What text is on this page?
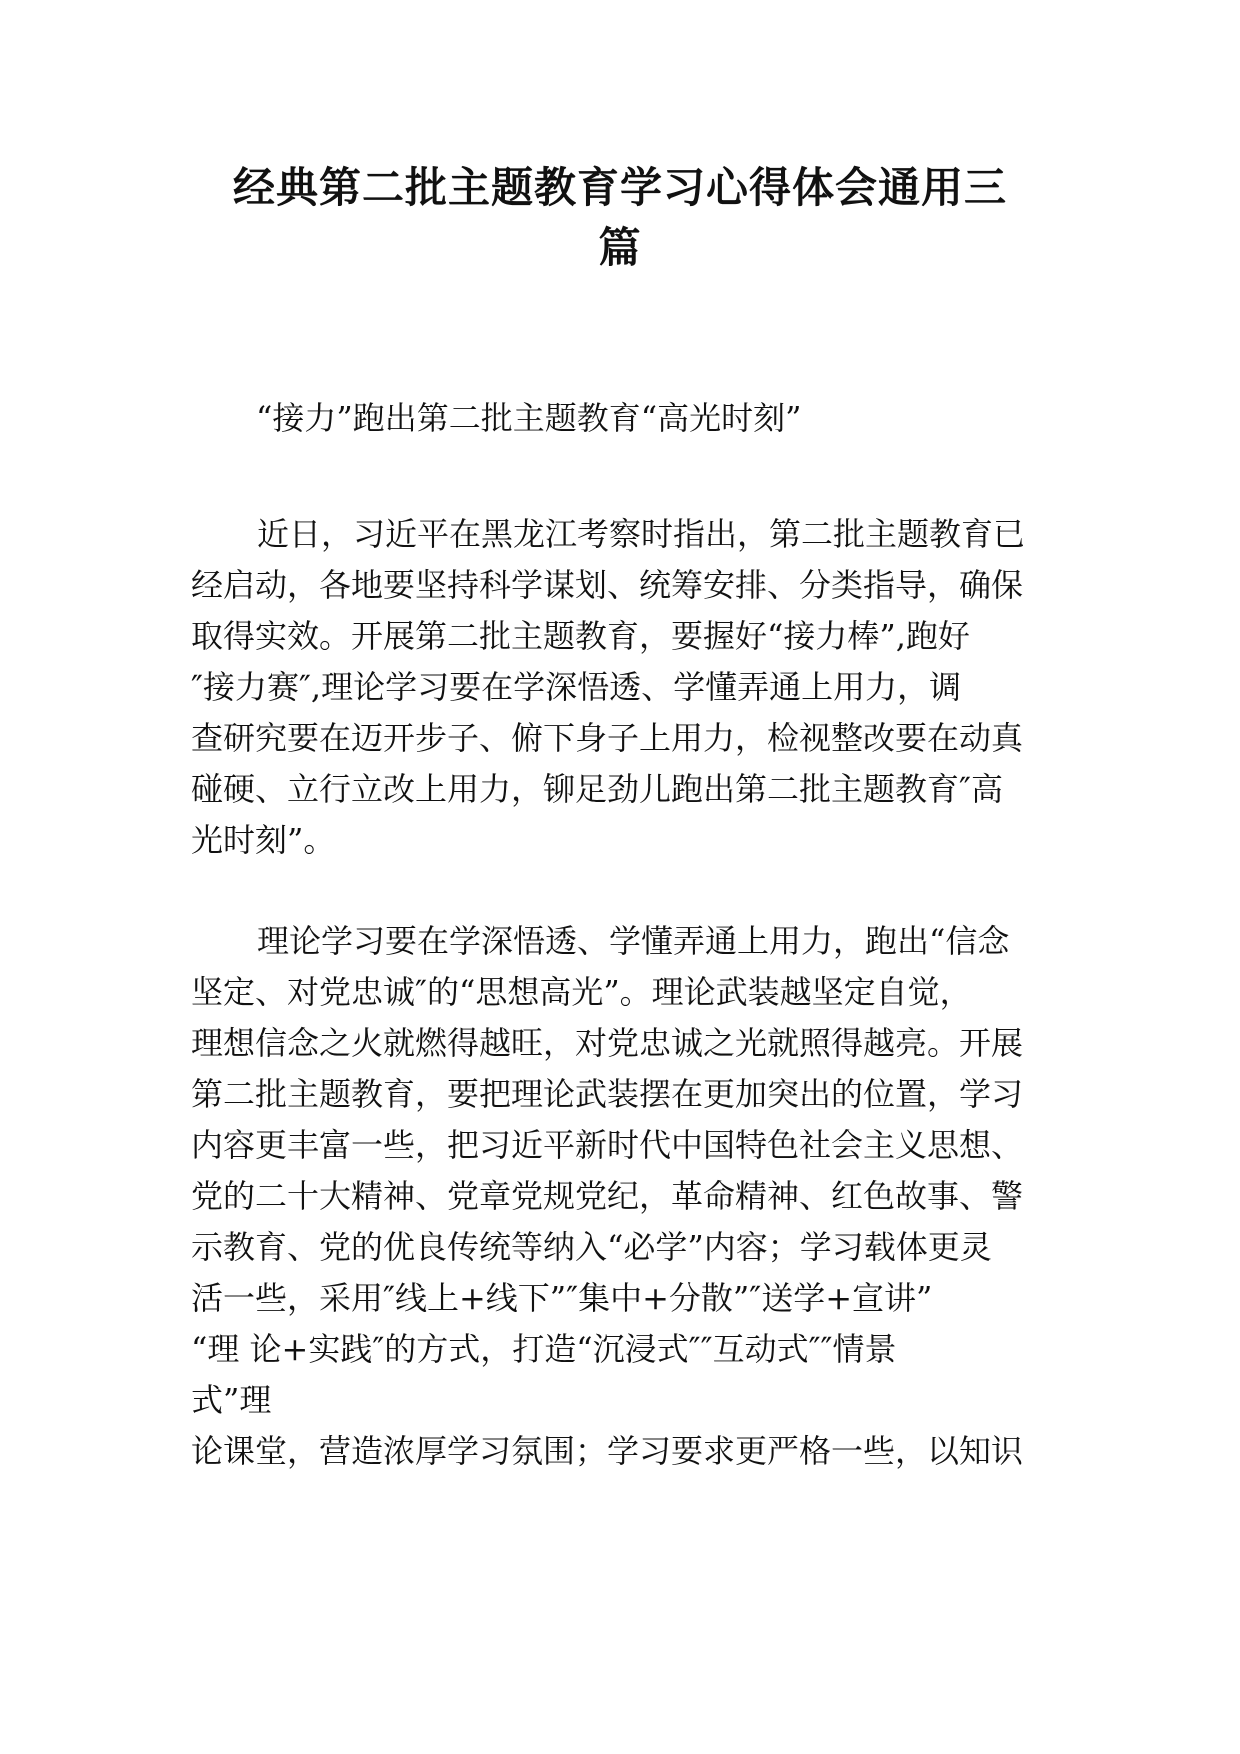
经典第二批主题教育学习心得体会通用三
篇

“接力”跑出第二批主题教育“高光时刻”

近日，习近平在黑龙江考察时指出，第二批主题教育已
经启动，各地要坚持科学谋划、统筹安排、分类指导，确保
取得实效。开展第二批主题教育，要握好“接力棒”,跑好
″接力赛″,理论学习要在学深悟透、学懂弄通上用力，调
查研究要在迈开步子、俯下身子上用力，检视整改要在动真
碰硬、立行立改上用力，铆足劲儿跑出第二批主题教育″高
光时刻”。

理论学习要在学深悟透、学懂弄通上用力，跑出“信念
坚定、对党忠诚″的“思想高光”。理论武装越坚定自觉，
理想信念之火就燃得越旺，对党忠诚之光就照得越亮。开展
第二批主题教育，要把理论武装摆在更加突出的位置，学习
内容更丰富一些，把习近平新时代中国特色社会主义思想、
党的二十大精神、党章党规党纪，革命精神、红色故事、警
示教育、党的优良传统等纳入“必学”内容；学习载体更灵
活一些，采用″线上+线下”″集中+分散”″送学+宣讲”
“理 论+实践″的方式，打造“沉浸式″″互动式″″情景
式”理
论课堂，营造浓厚学习氛围；学习要求更严格一些，以知识
